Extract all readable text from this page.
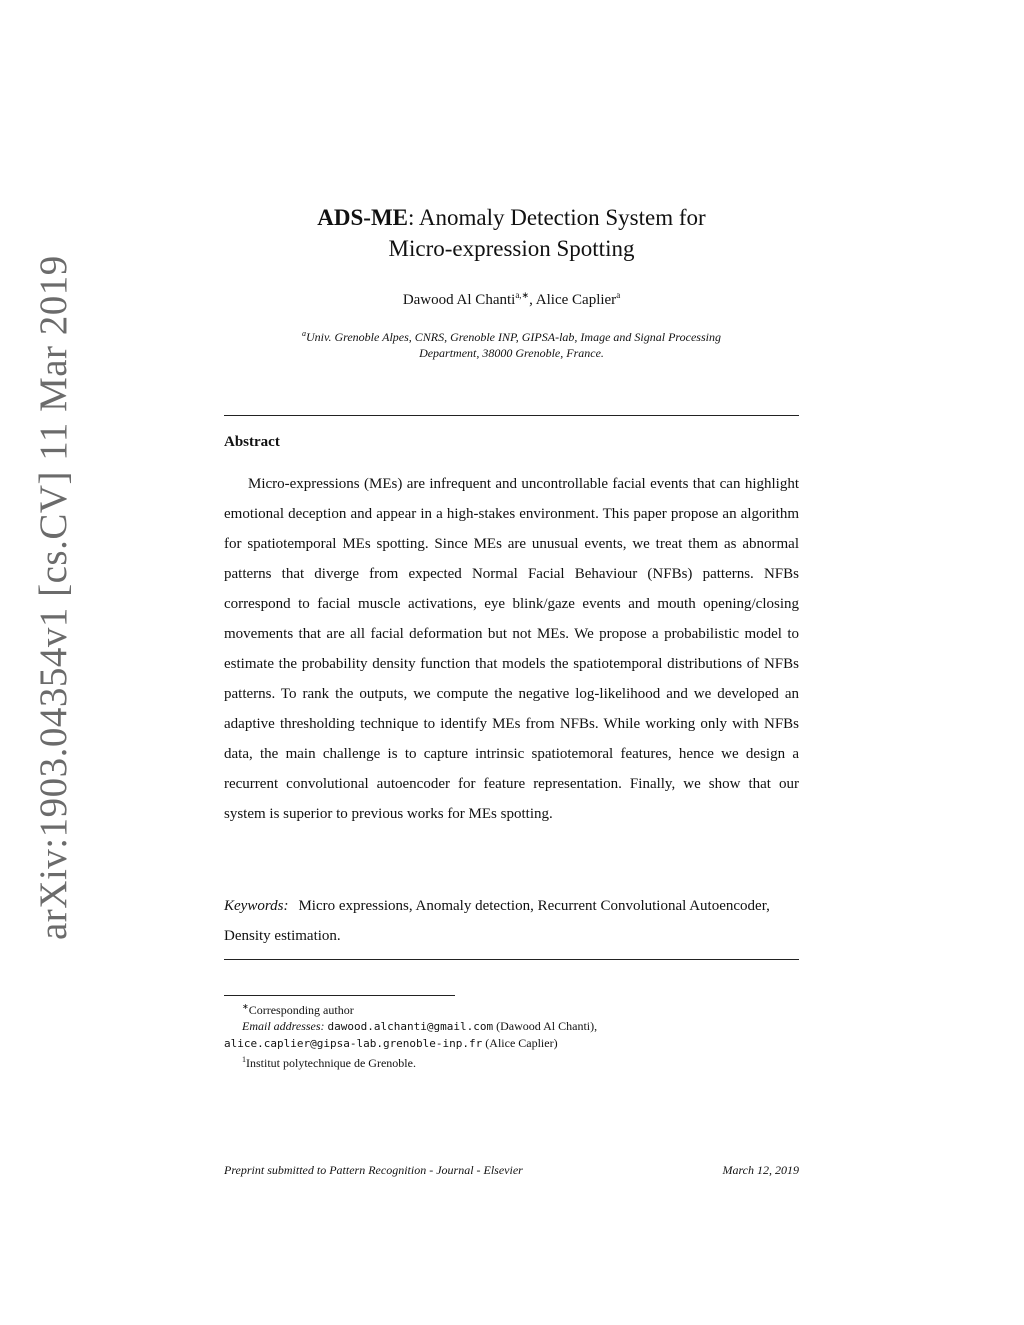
arXiv:1903.04354v1 [cs.CV] 11 Mar 2019
ADS-ME: Anomaly Detection System for
Micro-expression Spotting
Dawood Al Chanti$^{a,∗}$, Alice Caplier$^a$
$^a$Univ. Grenoble Alpes, CNRS, Grenoble INP, GIPSA-lab, Image and Signal Processing
Department, 38000 Grenoble, France.
Abstract

Micro-expressions (MEs) are infrequent and uncontrollable facial events that can highlight emotional deception and appear in a high-stakes environment. This paper propose an algorithm for spatiotemporal MEs spotting. Since MEs are unusual events, we treat them as abnormal patterns that diverge from expected Normal Facial Behaviour (NFBs) patterns. NFBs correspond to facial muscle activations, eye blink/gaze events and mouth opening/closing movements that are all facial deformation but not MEs. We propose a probabilistic model to estimate the probability density function that models the spatiotemporal distributions of NFBs patterns. To rank the outputs, we compute the negative log-likelihood and we developed an adaptive thresholding technique to identify MEs from NFBs. While working only with NFBs data, the main challenge is to capture intrinsic spatiotemoral features, hence we design a recurrent convolutional autoencoder for feature representation. Finally, we show that our system is superior to previous works for MEs spotting.

Keywords: Micro expressions, Anomaly detection, Recurrent Convolutional Autoencoder, Density estimation.

∗Corresponding author
Email addresses: dawood.alchanti@gmail.com (Dawood Al Chanti),
alice.caplier@gipsa-lab.grenoble-inp.fr (Alice Caplier)
$^1$Institut polytechnique de Grenoble.
Preprint submitted to Pattern Recognition - Journal - Elsevier	March 12, 2019
